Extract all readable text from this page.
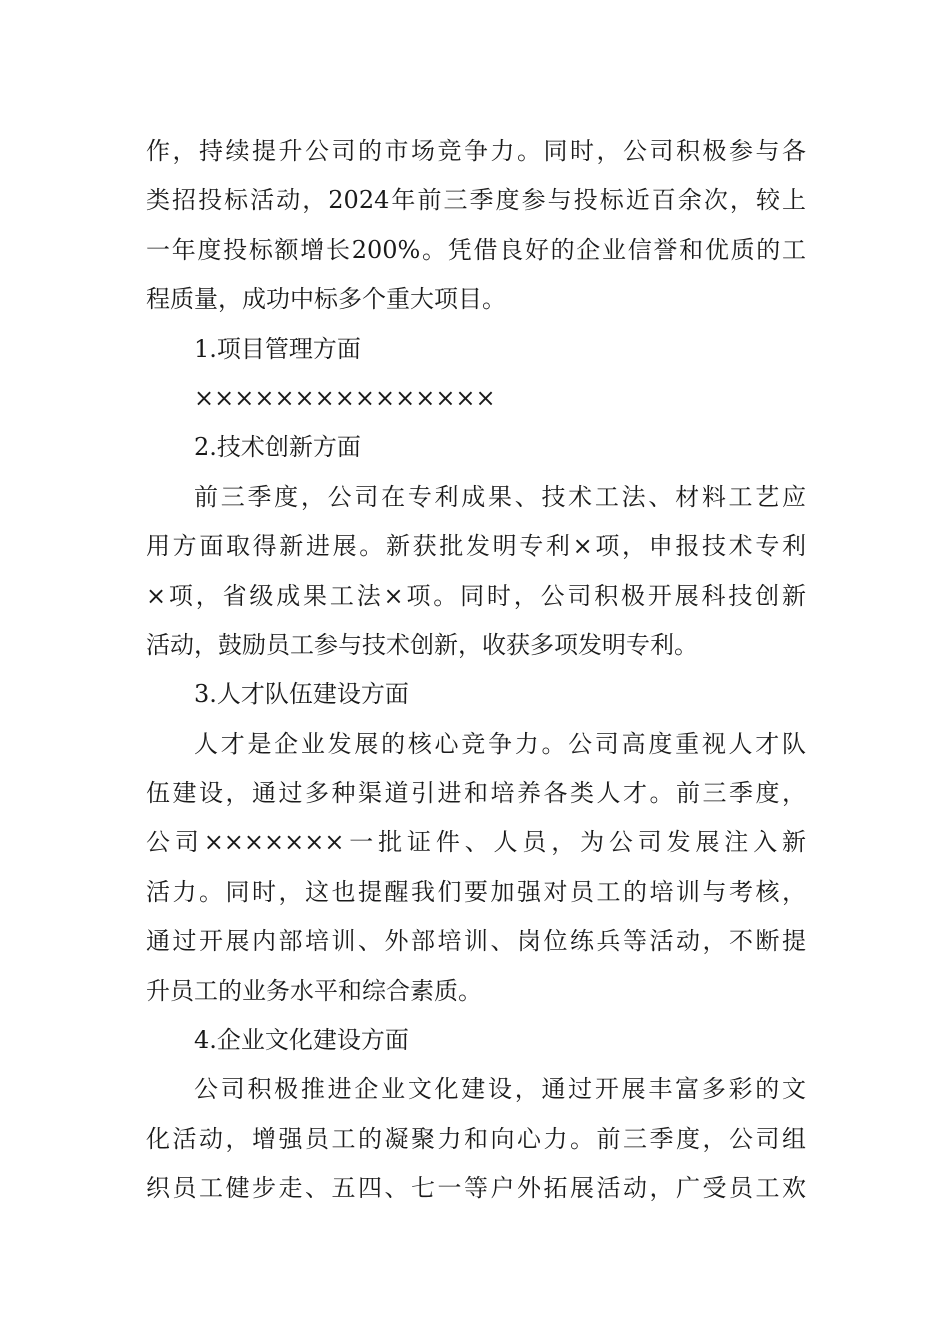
作，持续提升公司的市场竞争力。同时，公司积极参与各
类招投标活动，2024年前三季度参与投标近百余次，较上
一年度投标额增长200%。凭借良好的企业信誉和优质的工
程质量，成功中标多个重大项目。
1.项目管理方面
×××××××××××××××
2.技术创新方面
前三季度，公司在专利成果、技术工法、材料工艺应
用方面取得新进展。新获批发明专利×项，申报技术专利
×项，省级成果工法×项。同时，公司积极开展科技创新
活动，鼓励员工参与技术创新，收获多项发明专利。
3.人才队伍建设方面
人才是企业发展的核心竞争力。公司高度重视人才队
伍建设，通过多种渠道引进和培养各类人才。前三季度，
公司×××××××一批证件、人员，为公司发展注入新
活力。同时，这也提醒我们要加强对员工的培训与考核，
通过开展内部培训、外部培训、岗位练兵等活动，不断提
升员工的业务水平和综合素质。
4.企业文化建设方面
公司积极推进企业文化建设，通过开展丰富多彩的文
化活动，增强员工的凝聚力和向心力。前三季度，公司组
织员工健步走、五四、七一等户外拓展活动，广受员工欢
